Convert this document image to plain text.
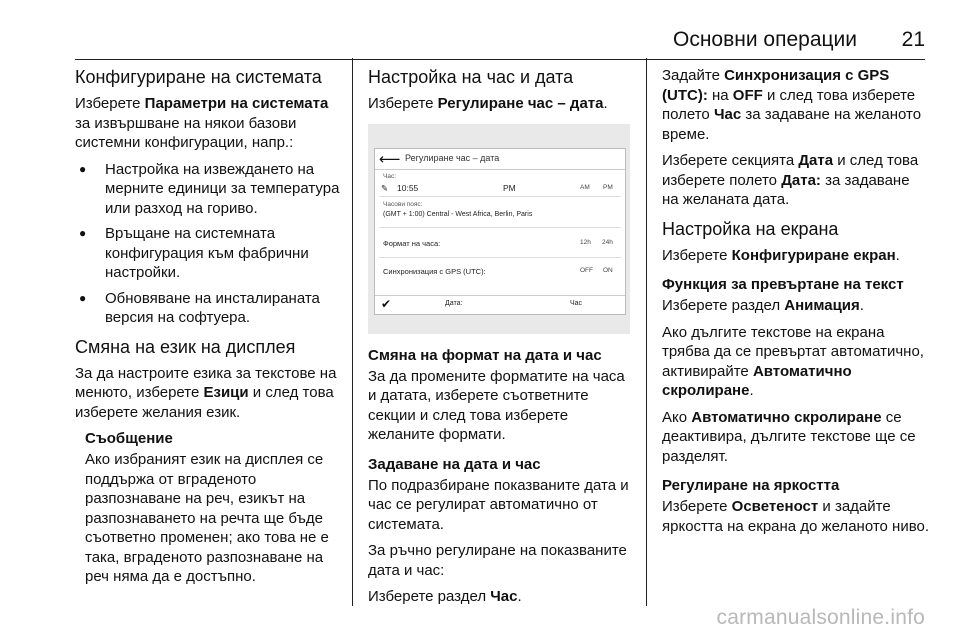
Основни операции 21
Конфигуриране на системата

Изберете Параметри на системата за извършване на някои базови системни конфигурации, напр.:

● Настройка на извеждането на мерните единици за температура или разход на гориво.
● Връщане на системната конфигурация към фабрични настройки.
● Обновяване на инсталираната версия на софтуера.
Смяна на език на дисплея

За да настроите езика за текстове на менюто, изберете Езици и след това изберете желания език.

Съобщение

Ако избраният език на дисплея се поддържа от вграденото разпознаване на реч, езикът на разпознаването на речта ще бъде съответно променен; ако това не е така, вграденото разпознаване на реч няма да е достъпно.

Настройка на час и дата

Изберете Регулиране час – дата.

⟵ Регулиране час – дата
Час:
✎ 10:55	PM	AM PM
Часови пояс:
(GMT + 1:00) Central - West Africa, Berlin, Paris
Формат на часа:	12h 24h
Синхронизация с GPS (UTC):	OFF ON
✔	Дата:	Час
Смяна на формат на дата и час

За да промените форматите на часа и датата, изберете съответните секции и след това изберете желаните формати.

Задаване на дата и час

По подразбиране показваните дата и час се регулират автоматично от системата.

За ръчно регулиране на показваните дата и час:

Изберете раздел Час.

Задайте Синхронизация с GPS (UTC): на OFF и след това изберете полето Час за задаване на желаното време.

Изберете секцията Дата и след това изберете полето Дата: за задаване на желаната дата.

Настройка на екрана

Изберете Конфигуриране екран.

Функция за превъртане на текст

Изберете раздел Анимация.

Ако дългите текстове на екрана трябва да се превъртат автоматично, активирайте Автоматично скролиране.

Ако Автоматично скролиране се деактивира, дългите текстове ще се разделят.

Регулиране на яркостта

Изберете Осветеност и задайте яркостта на екрана до желаното ниво.

carmanualsonline.info
